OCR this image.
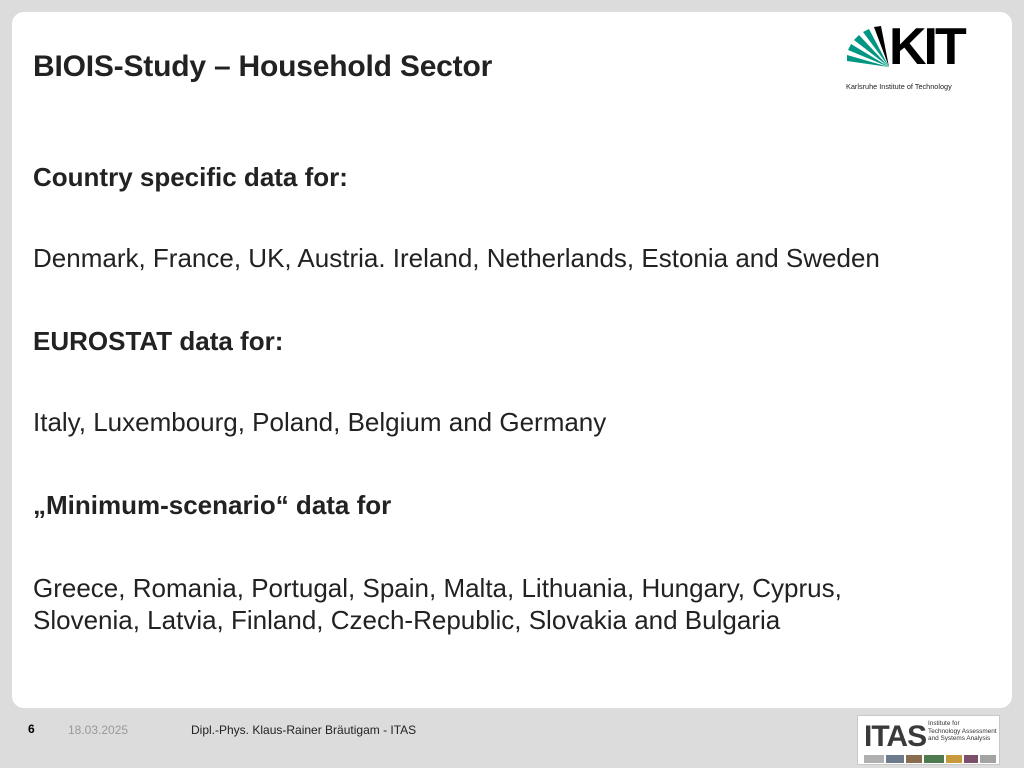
BIOIS-Study – Household Sector	KIT
Karlsruhe Institute of Technology
Country specific data for:
Denmark, France, UK, Austria. Ireland, Netherlands, Estonia and Sweden
EUROSTAT data for:
Italy, Luxembourg, Poland, Belgium and Germany
„Minimum-scenario“ data for
Greece, Romania, Portugal, Spain, Malta, Lithuania, Hungary, Cyprus,
Slovenia, Latvia, Finland, Czech-Republic, Slovakia and Bulgaria
6	18.03.2025	Dipl.-Phys. Klaus-Rainer Bräutigam - ITAS	ITAS Institute for
Technology Assessment
and Systems Analysis
